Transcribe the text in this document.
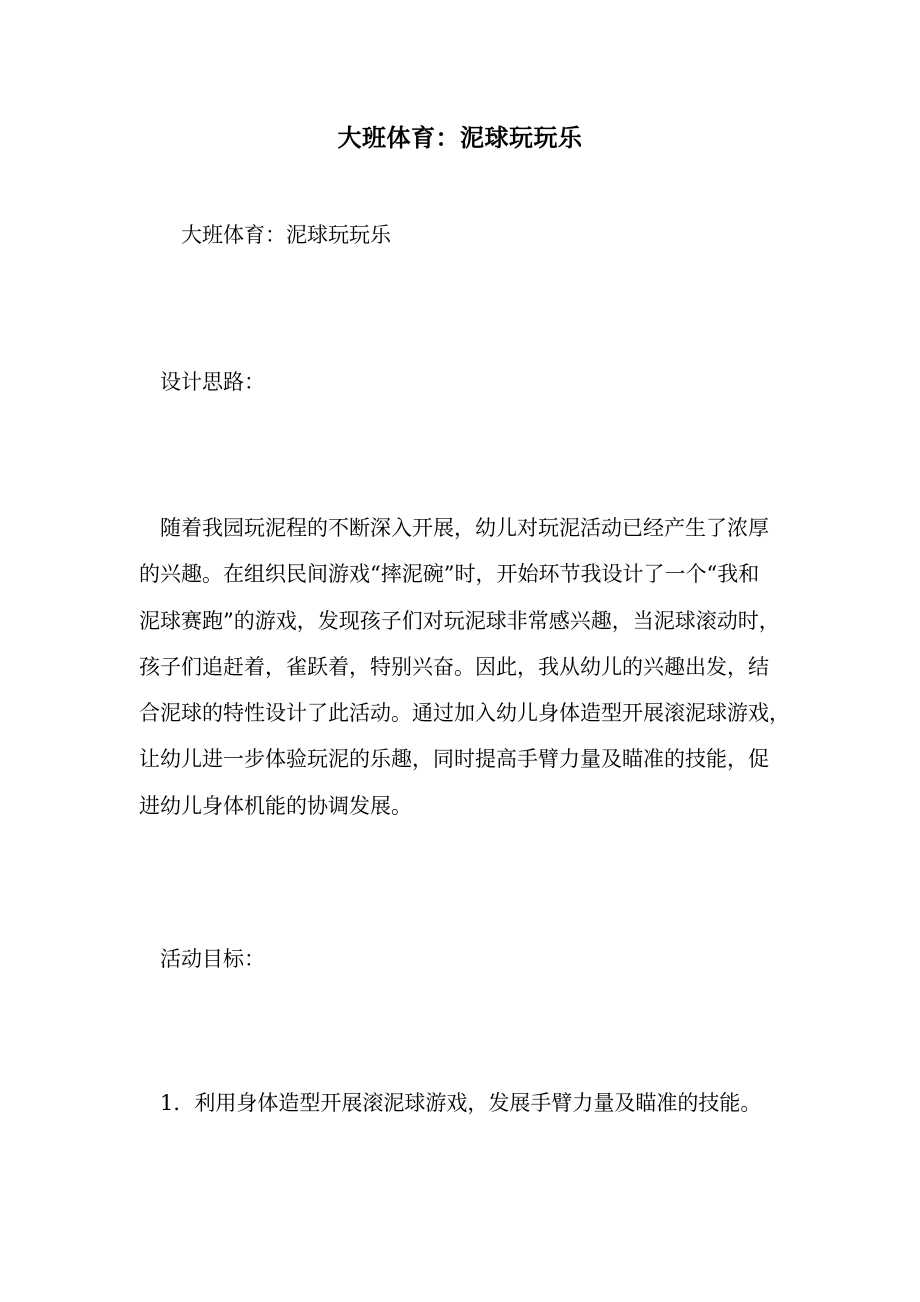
大班体育：泥球玩玩乐
大班体育：泥球玩玩乐
设计思路：
随着我园玩泥程的不断深入开展，幼儿对玩泥活动已经产生了浓厚
的兴趣。在组织民间游戏“摔泥碗”时，开始环节我设计了一个“我和
泥球赛跑”的游戏，发现孩子们对玩泥球非常感兴趣，当泥球滚动时，
孩子们追赶着，雀跃着，特别兴奋。因此，我从幼儿的兴趣出发，结
合泥球的特性设计了此活动。通过加入幼儿身体造型开展滚泥球游戏，
让幼儿进一步体验玩泥的乐趣，同时提高手臂力量及瞄准的技能，促
进幼儿身体机能的协调发展。
活动目标：
1．利用身体造型开展滚泥球游戏，发展手臂力量及瞄准的技能。
